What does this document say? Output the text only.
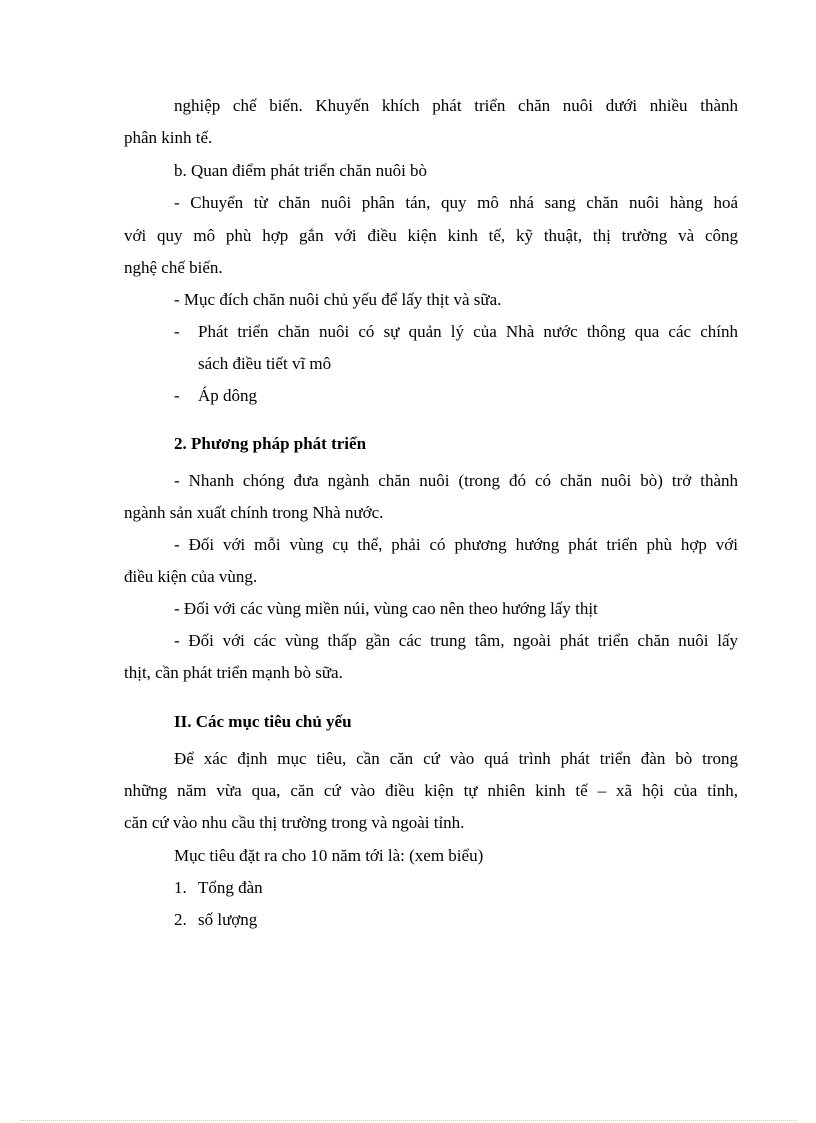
nghiệp chế biến. Khuyến khích phát triển chăn nuôi dưới nhiều thành

phân kinh tế.

b. Quan điểm phát triển chăn nuôi bò

- Chuyển từ chăn nuôi phân tán, quy mô nhá sang chăn nuôi hàng hoá

với quy mô phù hợp gắn với điều kiện kinh tế, kỹ thuật, thị trường và công

nghệ chế biến.

- Mục đích chăn nuôi chủ yếu để lấy thịt và sữa.

- Phát triển chăn nuôi có sự quản lý của Nhà nước thông qua các chính

sách điều tiết vĩ mô

- Áp dông

2. Phương pháp phát triển

- Nhanh chóng đưa ngành chăn nuôi (trong đó có chăn nuôi bò) trở thành

ngành sản xuất chính trong Nhà nước.

- Đối với mỗi vùng cụ thể, phải có phương hướng phát triển phù hợp với

điều kiện của vùng.

- Đối với các vùng miền núi, vùng cao nên theo hướng lấy thịt

- Đối với các vùng thấp gần các trung tâm, ngoài phát triển chăn nuôi lấy

thịt, cần phát triển mạnh bò sữa.

II. Các mục tiêu chủ yếu

Để xác định mục tiêu, cần căn cứ vào quá trình phát triển đàn bò trong

những năm vừa qua, căn cứ vào điều kiện tự nhiên kinh tế – xã hội của tỉnh,

căn cứ vào nhu cầu thị trường trong và ngoài tỉnh.

Mục tiêu đặt ra cho 10 năm tới là: (xem biểu)

1. Tổng đàn
2. số lượng
